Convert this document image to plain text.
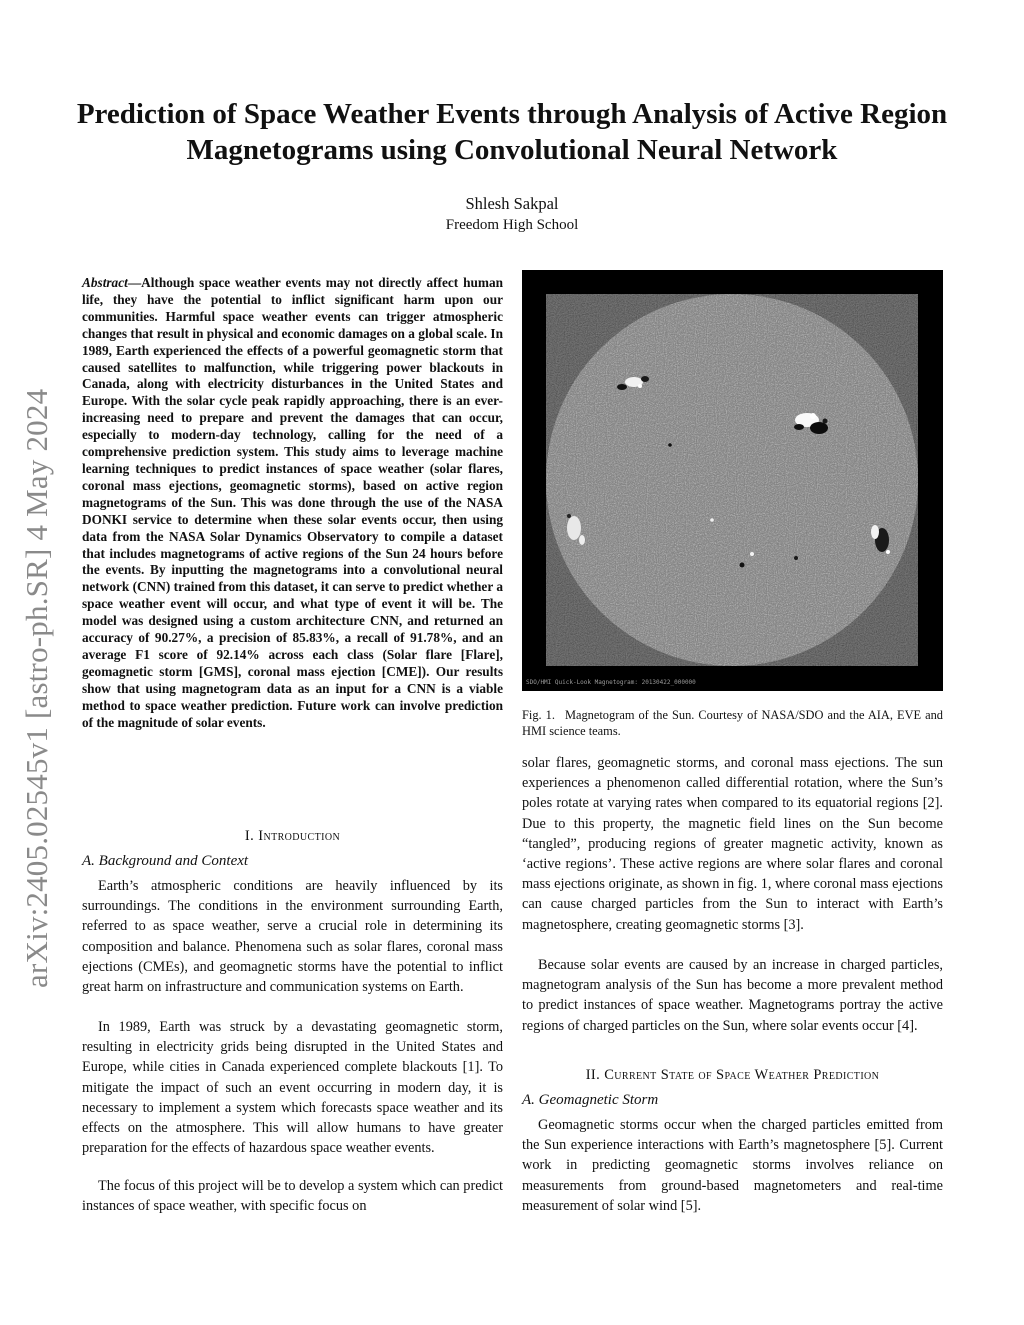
Prediction of Space Weather Events through Analysis of Active Region Magnetograms using Convolutional Neural Network
Shlesh Sakpal
Freedom High School
arXiv:2405.02545v1 [astro-ph.SR] 4 May 2024
Abstract—Although space weather events may not directly affect human life, they have the potential to inflict significant harm upon our communities. Harmful space weather events can trigger atmospheric changes that result in physical and economic damages on a global scale. In 1989, Earth experienced the effects of a powerful geomagnetic storm that caused satellites to malfunction, while triggering power blackouts in Canada, along with electricity disturbances in the United States and Europe. With the solar cycle peak rapidly approaching, there is an ever-increasing need to prepare and prevent the damages that can occur, especially to modern-day technology, calling for the need of a comprehensive prediction system. This study aims to leverage machine learning techniques to predict instances of space weather (solar flares, coronal mass ejections, geomagnetic storms), based on active region magnetograms of the Sun. This was done through the use of the NASA DONKI service to determine when these solar events occur, then using data from the NASA Solar Dynamics Observatory to compile a dataset that includes magnetograms of active regions of the Sun 24 hours before the events. By inputting the magnetograms into a convolutional neural network (CNN) trained from this dataset, it can serve to predict whether a space weather event will occur, and what type of event it will be. The model was designed using a custom architecture CNN, and returned an accuracy of 90.27%, a precision of 85.83%, a recall of 91.78%, and an average F1 score of 92.14% across each class (Solar flare [Flare], geomagnetic storm [GMS], coronal mass ejection [CME]). Our results show that using magnetogram data as an input for a CNN is a viable method to space weather prediction. Future work can involve prediction of the magnitude of solar events.
I. Introduction
A. Background and Context
Earth’s atmospheric conditions are heavily influenced by its surroundings. The conditions in the environment surrounding Earth, referred to as space weather, serve a crucial role in determining its composition and balance. Phenomena such as solar flares, coronal mass ejections (CMEs), and geomagnetic storms have the potential to inflict great harm on infrastructure and communication systems on Earth.
In 1989, Earth was struck by a devastating geomagnetic storm, resulting in electricity grids being disrupted in the United States and Europe, while cities in Canada experienced complete blackouts [1]. To mitigate the impact of such an event occurring in modern day, it is necessary to implement a system which forecasts space weather and its effects on the atmosphere. This will allow humans to have greater preparation for the effects of hazardous space weather events.
The focus of this project will be to develop a system which can predict instances of space weather, with specific focus on
SDO/HMI Quick-Look Magnetogram: 20130422_000000
Fig. 1. Magnetogram of the Sun. Courtesy of NASA/SDO and the AIA, EVE and HMI science teams.
solar flares, geomagnetic storms, and coronal mass ejections. The sun experiences a phenomenon called differential rotation, where the Sun’s poles rotate at varying rates when compared to its equatorial regions [2]. Due to this property, the magnetic field lines on the Sun become “tangled”, producing regions of greater magnetic activity, known as ‘active regions’. These active regions are where solar flares and coronal mass ejections originate, as shown in fig. 1, where coronal mass ejections can cause charged particles from the Sun to interact with Earth’s magnetosphere, creating geomagnetic storms [3].
Because solar events are caused by an increase in charged particles, magnetogram analysis of the Sun has become a more prevalent method to predict instances of space weather. Magnetograms portray the active regions of charged particles on the Sun, where solar events occur [4].
II. Current State of Space Weather Prediction
A. Geomagnetic Storm
Geomagnetic storms occur when the charged particles emitted from the Sun experience interactions with Earth’s magnetosphere [5]. Current work in predicting geomagnetic storms involves reliance on measurements from ground-based magnetometers and real-time measurement of solar wind [5].
